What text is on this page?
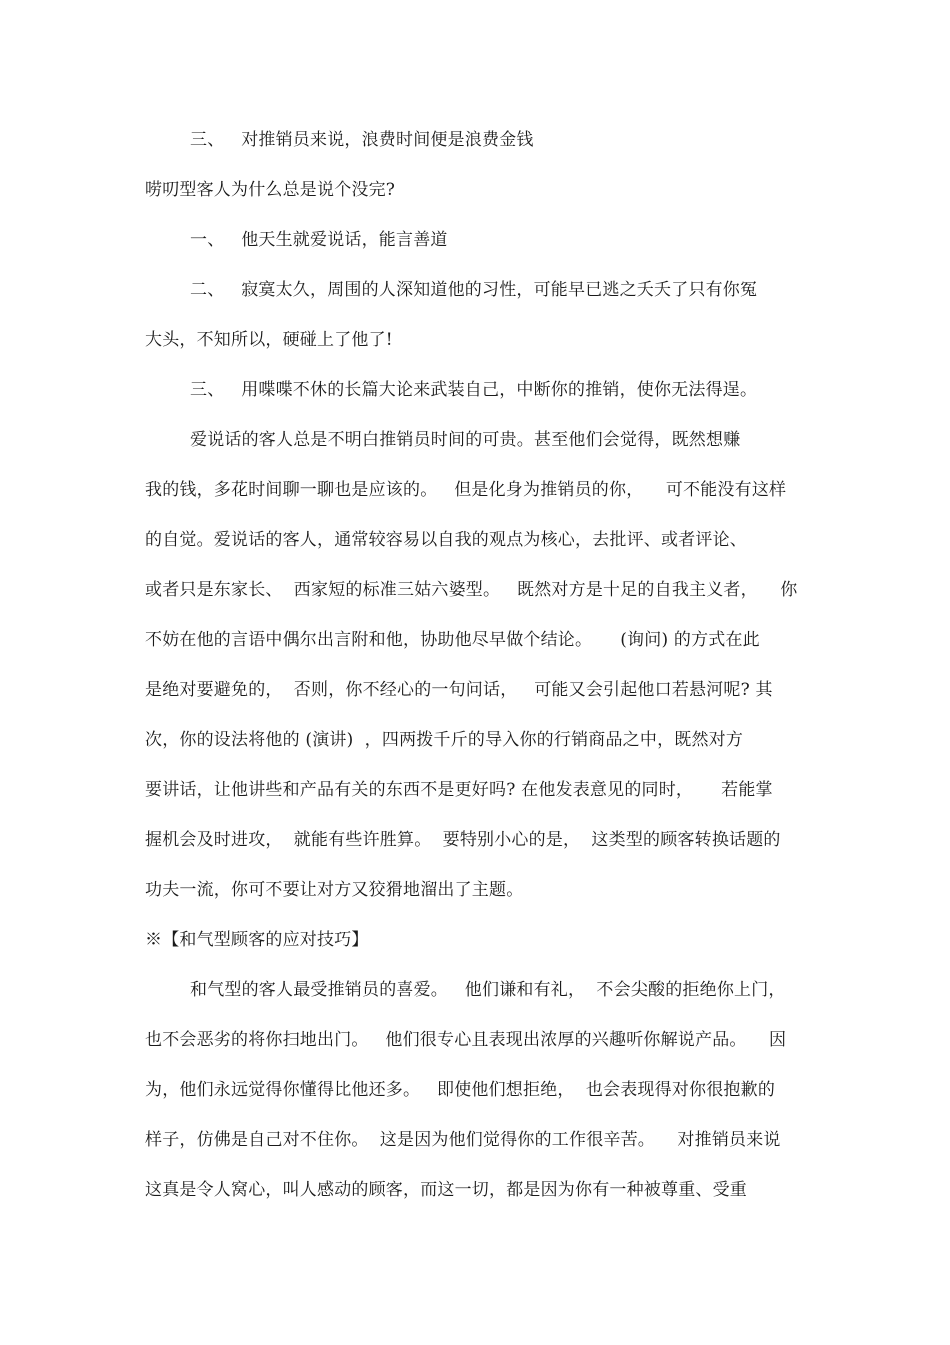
三、   对推销员来说，浪费时间便是浪费金钱
唠叨型客人为什么总是说个没完?
一、   他天生就爱说话，能言善道
二、   寂寞太久，周围的人深知道他的习性，可能早已逃之夭夭了只有你冤
大头，不知所以，硬碰上了他了!
三、   用喋喋不休的长篇大论来武装自己，中断你的推销，使你无法得逞。
爱说话的客人总是不明白推销员时间的可贵。甚至他们会觉得，既然想赚
我的钱，多花时间聊一聊也是应该的。   但是化身为推销员的你，    可不能没有这样
的自觉。爱说话的客人，通常较容易以自我的观点为核心，去批评、或者评论、
或者只是东家长、  西家短的标准三姑六婆型。   既然对方是十足的自我主义者，    你
不妨在他的言语中偶尔出言附和他，协助他尽早做个结论。     (询问) 的方式在此
是绝对要避免的，  否则，你不经心的一句问话，   可能又会引起他口若悬河呢? 其
次，你的设法将他的 (演讲)  ，四两拨千斤的导入你的行销商品之中，既然对方
要讲话，让他讲些和产品有关的东西不是更好吗? 在他发表意见的同时，     若能掌
握机会及时进攻，  就能有些许胜算。  要特别小心的是，  这类型的顾客转换话题的
功夫一流，你可不要让对方又狡猾地溜出了主题。
※【和气型顾客的应对技巧】
和气型的客人最受推销员的喜爱。   他们谦和有礼，  不会尖酸的拒绝你上门，
也不会恶劣的将你扫地出门。   他们很专心且表现出浓厚的兴趣听你解说产品。    因
为，他们永远觉得你懂得比他还多。   即使他们想拒绝，  也会表现得对你很抱歉的
样子，仿佛是自己对不住你。  这是因为他们觉得你的工作很辛苦。    对推销员来说
这真是令人窝心，叫人感动的顾客，而这一切，都是因为你有一种被尊重、受重
